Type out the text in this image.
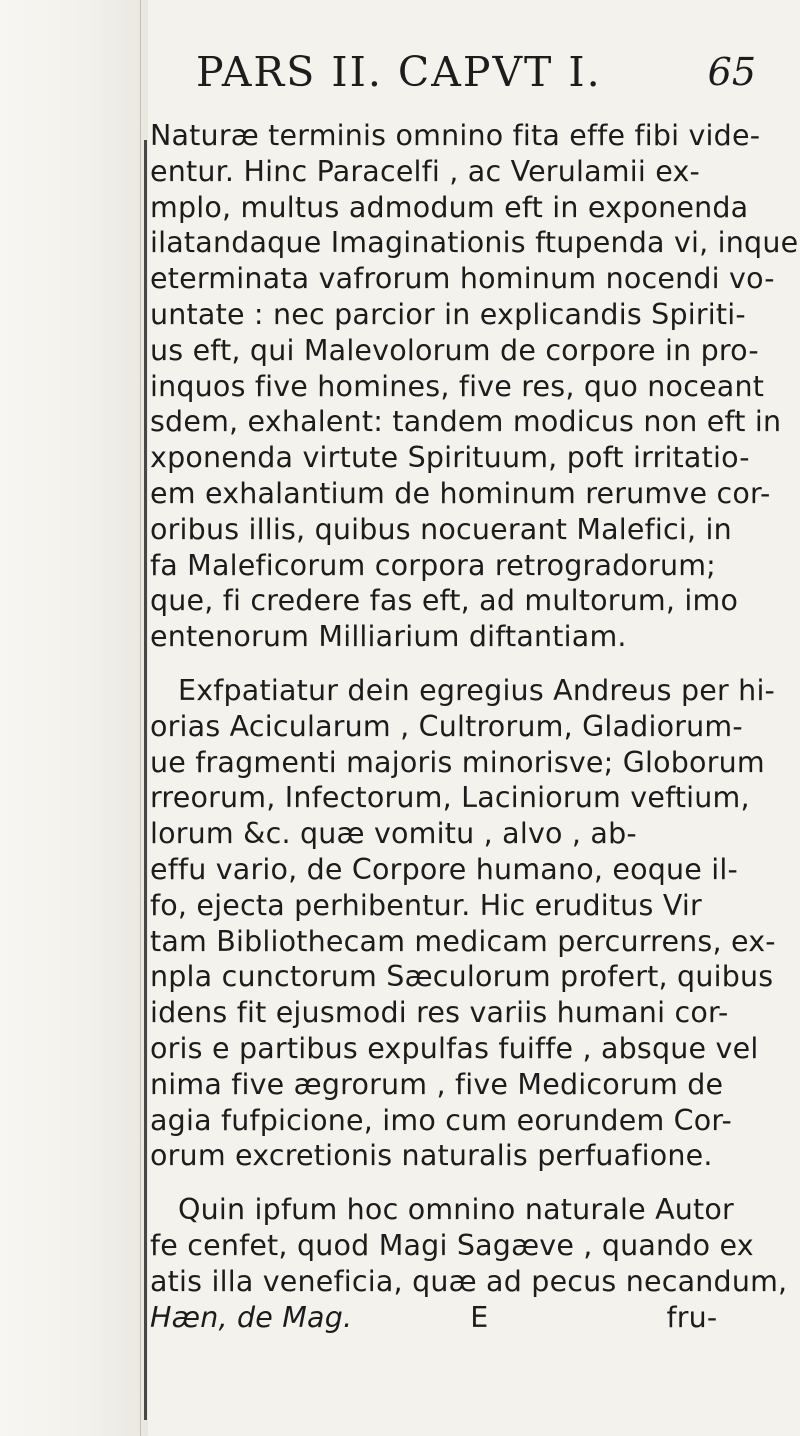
PARS II. CAPVT I.	65
Naturæ terminis omnino fita effe fibi vide-
entur. Hinc Paracelfi , ac Verulamii ex-
mplo, multus admodum eft in exponenda
ilatandaque Imaginationis ftupenda vi, inque
eterminata vafrorum hominum nocendi vo-
untate : nec parcior in explicandis Spiriti-
us eft, qui Malevolorum de corpore in pro-
inquos five homines, five res, quo noceant
sdem, exhalent: tandem modicus non eft in
xponenda virtute Spirituum, poft irritatio-
em exhalantium de hominum rerumve cor-
oribus illis, quibus nocuerant Malefici, in
fa Maleficorum corpora retrogradorum;
que, fi credere fas eft, ad multorum, imo
entenorum Milliarium diftantiam.
Exfpatiatur dein egregius Andreus per hi-
orias Acicularum , Cultrorum, Gladiorum-
ue fragmenti majoris minorisve; Globorum
rreorum, Infectorum, Laciniorum veftium,
lorum &c. quæ vomitu , alvo , ab-
effu vario, de Corpore humano, eoque il-
fo, ejecta perhibentur. Hic eruditus Vir
tam Bibliothecam medicam percurrens, ex-
npla cunctorum Sæculorum profert, quibus
idens fit ejusmodi res variis humani cor-
oris e partibus expulfas fuiffe , absque vel
nima five ægrorum , five Medicorum de
agia fufpicione, imo cum eorundem Cor-
orum excretionis naturalis perfuafione.
Quin ipfum hoc omnino naturale Autor
fe cenfet, quod Magi Sagæve , quando ex
atis illa veneficia, quæ ad pecus necandum,
Hæn, de Mag.	E	fru-
